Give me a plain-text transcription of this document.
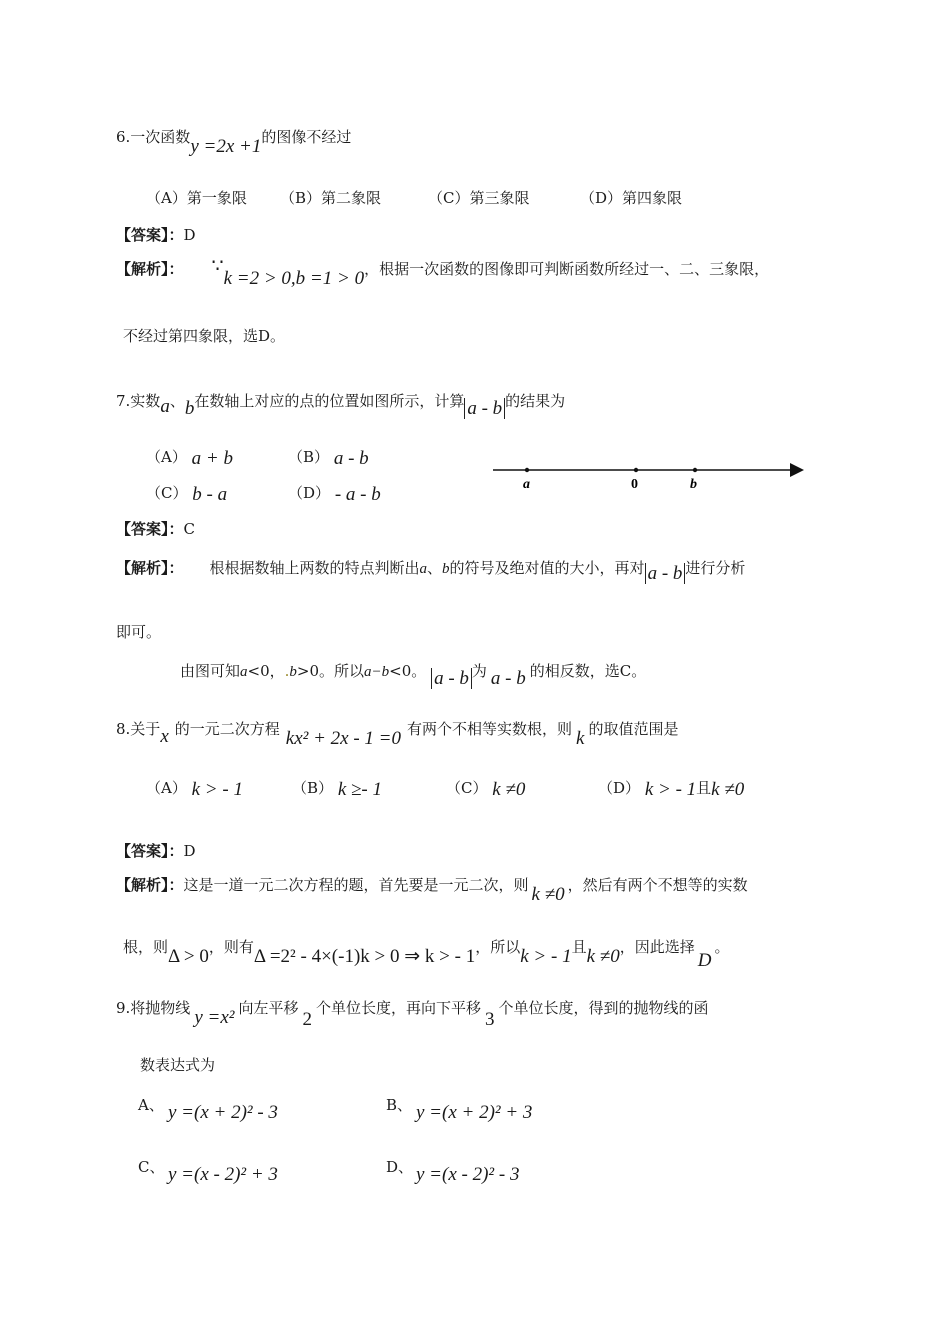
6.一次函数y =2x +1的图像不经过
（A）第一象限 （B）第二象限	（C）第三象限	（D）第四象限
【答案】：D
【解析】： ∵k =2 > 0,b =1 > 0，根据一次函数的图像即可判断函数所经过一、二、三象限，
不经过第四象限，选D。
7.实数a、b在数轴上对应的点的位置如图所示，计算 a - b 的结果为
（A） a + b	（B） a - b
（C） b - a	（D） - a - b	a	0	b
【答案】：C
【解析】： 根根据数轴上两数的特点判断出a、b的符号及绝对值的大小，再对 a - b 进行分析
即可。
由图可知a<0，.b>0。所以a−b<0。 a - b 为 a - b 的相反数，选C。
8.关于x 的一元二次方程 kx² + 2x - 1 =0 有两个不相等实数根，则 k 的取值范围是
（A） k > - 1	（B） k ≥- 1	（C） k ≠0	（D） k > - 1且k ≠0
【答案】：D
【解析】：这是一道一元二次方程的题，首先要是一元二次，则 k ≠0 ，然后有两个不想等的实数
根，则Δ > 0，则有Δ =2² - 4×(-1)k > 0 ⇒ k > - 1，所以k > - 1且k ≠0，因此选择D。
9.将抛物线 y =x² 向左平移2个单位长度，再向下平移3个单位长度，得到的抛物线的函
数表达式为
A、 y =(x + 2)² - 3	B、 y =(x + 2)² + 3
C、 y =(x - 2)² + 3	D、 y =(x - 2)² - 3
